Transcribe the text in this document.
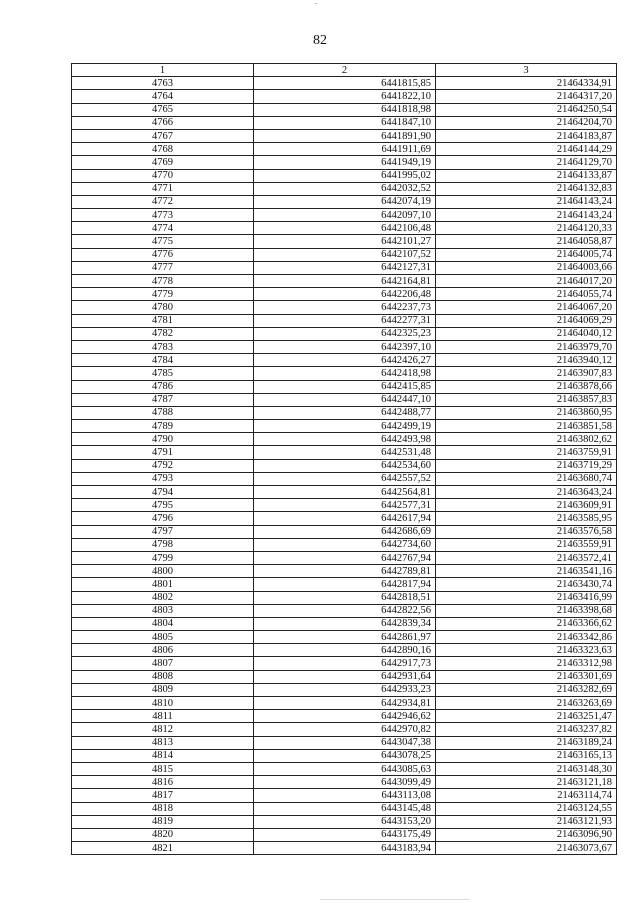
82
1	2	3
4763	6441815,85	21464334,91
4764	6441822,10	21464317,20
4765	6441818,98	21464250,54
4766	6441847,10	21464204,70
4767	6441891,90	21464183,87
4768	6441911,69	21464144,29
4769	6441949,19	21464129,70
4770	6441995,02	21464133,87
4771	6442032,52	21464132,83
4772	6442074,19	21464143,24
4773	6442097,10	21464143,24
4774	6442106,48	21464120,33
4775	6442101,27	21464058,87
4776	6442107,52	21464005,74
4777	6442127,31	21464003,66
4778	6442164,81	21464017,20
4779	6442206,48	21464055,74
4780	6442237,73	21464067,20
4781	6442277,31	21464069,29
4782	6442325,23	21464040,12
4783	6442397,10	21463979,70
4784	6442426,27	21463940,12
4785	6442418,98	21463907,83
4786	6442415,85	21463878,66
4787	6442447,10	21463857,83
4788	6442488,77	21463860,95
4789	6442499,19	21463851,58
4790	6442493,98	21463802,62
4791	6442531,48	21463759,91
4792	6442534,60	21463719,29
4793	6442557,52	21463680,74
4794	6442564,81	21463643,24
4795	6442577,31	21463609,91
4796	6442617,94	21463585,95
4797	6442686,69	21463576,58
4798	6442734,60	21463559,91
4799	6442767,94	21463572,41
4800	6442789,81	21463541,16
4801	6442817,94	21463430,74
4802	6442818,51	21463416,99
4803	6442822,56	21463398,68
4804	6442839,34	21463366,62
4805	6442861,97	21463342,86
4806	6442890,16	21463323,63
4807	6442917,73	21463312,98
4808	6442931,64	21463301,69
4809	6442933,23	21463282,69
4810	6442934,81	21463263,69
4811	6442946,62	21463251,47
4812	6442970,82	21463237,82
4813	6443047,38	21463189,24
4814	6443078,25	21463165,13
4815	6443085,63	21463148,30
4816	6443099,49	21463121,18
4817	6443113,08	21463114,74
4818	6443145,48	21463124,55
4819	6443153,20	21463121,93
4820	6443175,49	21463096,90
4821	6443183,94	21463073,67
